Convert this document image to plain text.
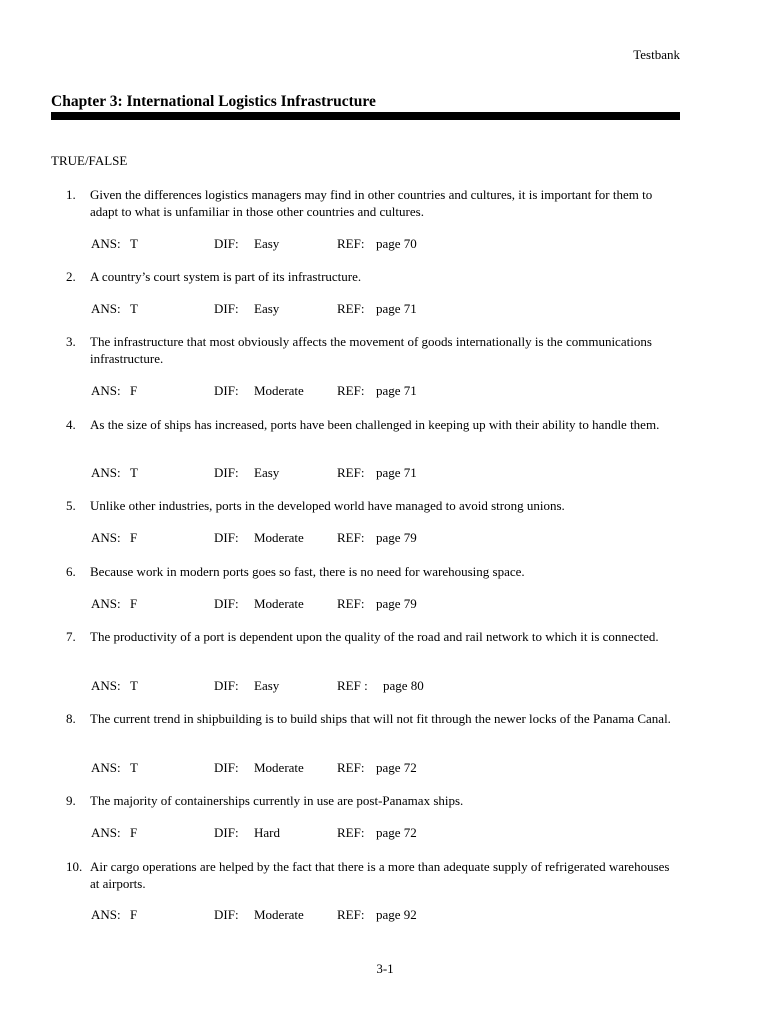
Testbank
Chapter 3: International Logistics Infrastructure
TRUE/FALSE
1.	Given the differences logistics managers may find in other countries and cultures, it is important for them to adapt to what is unfamiliar in those other countries and cultures.
ANS: T	DIF: Easy	REF: page 70
2.	A country’s court system is part of its infrastructure.
ANS: T	DIF: Easy	REF: page 71
3.	The infrastructure that most obviously affects the movement of goods internationally is the communications infrastructure.
ANS: F	DIF: Moderate	REF: page 71
4.	As the size of ships has increased, ports have been challenged in keeping up with their ability to handle them.
ANS: T	DIF: Easy	REF: page 71
5.	Unlike other industries, ports in the developed world have managed to avoid strong unions.
ANS: F	DIF: Moderate	REF: page 79
6.	Because work in modern ports goes so fast, there is no need for warehousing space.
ANS: F	DIF: Moderate	REF: page 79
7.	The productivity of a port is dependent upon the quality of the road and rail network to which it is connected.
ANS: T	DIF: Easy	REF : page 80
8.	The current trend in shipbuilding is to build ships that will not fit through the newer locks of the Panama Canal.
ANS: T	DIF: Moderate	REF: page 72
9.	The majority of containerships currently in use are post-Panamax ships.
ANS: F	DIF: Hard	REF: page 72
10. Air cargo operations are helped by the fact that there is a more than adequate supply of refrigerated warehouses at airports.
ANS: F	DIF: Moderate	REF: page 92
3-1
